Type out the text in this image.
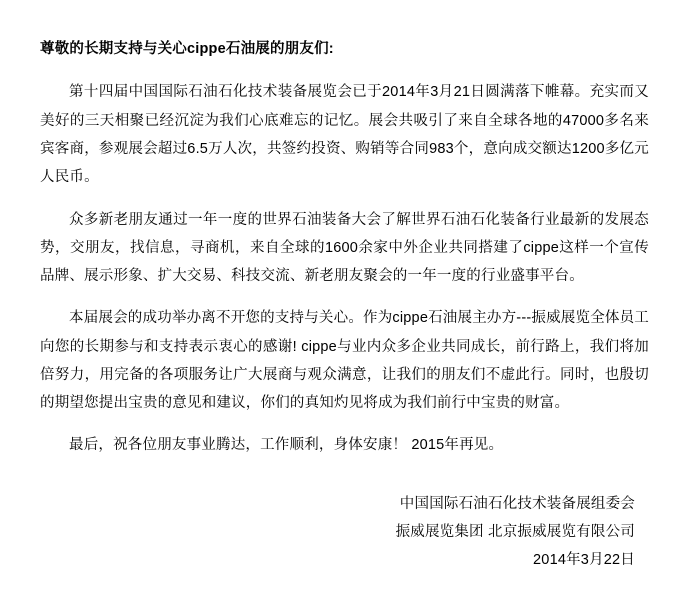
尊敬的长期支持与关心cippe石油展的朋友们:

第十四届中国国际石油石化技术装备展览会已于2014年3月21日圆满落下帷幕。充实而又美好的三天相聚已经沉淀为我们心底难忘的记忆。展会共吸引了来自全球各地的47000多名来宾客商，参观展会超过6.5万人次，共签约投资、购销等合同983个，意向成交额达1200多亿元人民币。

众多新老朋友通过一年一度的世界石油装备大会了解世界石油石化装备行业最新的发展态势，交朋友，找信息，寻商机，来自全球的1600余家中外企业共同搭建了cippe这样一个宣传品牌、展示形象、扩大交易、科技交流、新老朋友聚会的一年一度的行业盛事平台。

本届展会的成功举办离不开您的支持与关心。作为cippe石油展主办方---振威展览全体员工向您的长期参与和支持表示衷心的感谢! cippe与业内众多企业共同成长，前行路上，我们将加倍努力，用完备的各项服务让广大展商与观众满意，让我们的朋友们不虚此行。同时，也殷切的期望您提出宝贵的意见和建议，你们的真知灼见将成为我们前行中宝贵的财富。

最后，祝各位朋友事业腾达，工作顺利，身体安康！ 2015年再见。

中国国际石油石化技术装备展组委会
振威展览集团 北京振威展览有限公司
2014年3月22日
